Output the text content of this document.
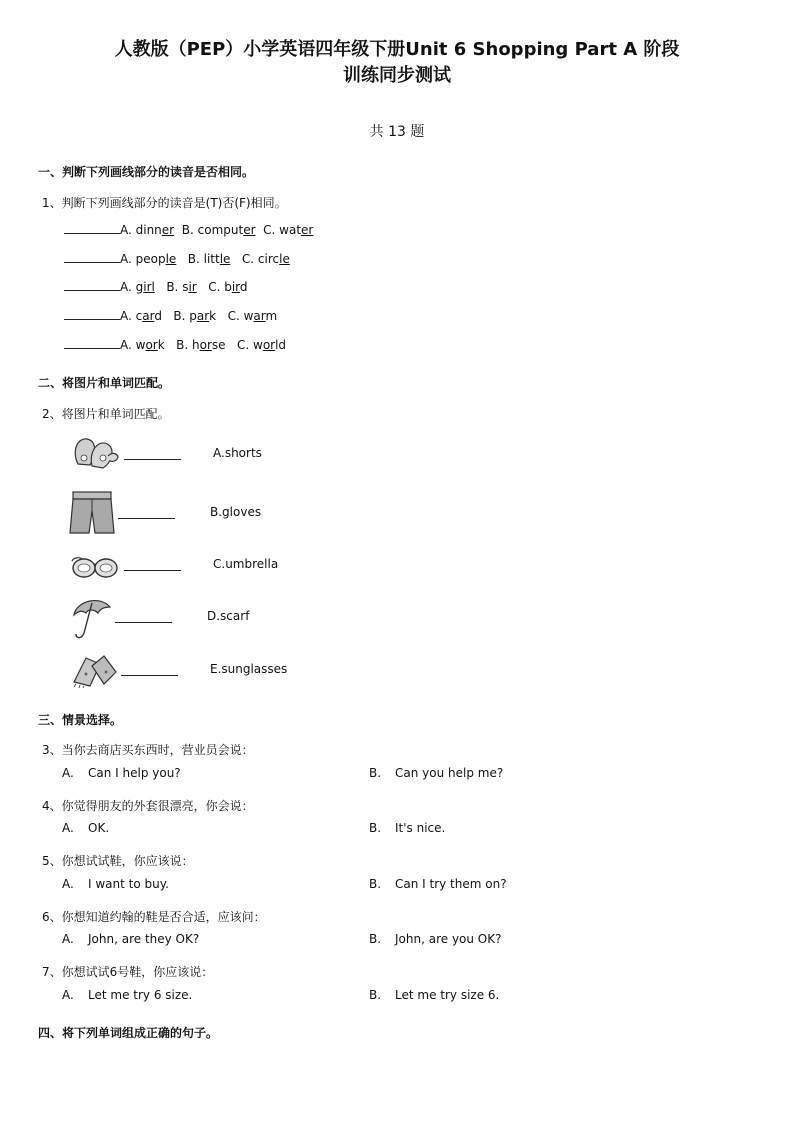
人教版（PEP）小学英语四年级下册Unit 6 Shopping Part A 阶段
训练同步测试
共 13 题
一、判断下列画线部分的读音是否相同。
1、判断下列画线部分的读音是(T)否(F)相同。
A. dinner B. computer C. water
A. people B. little C. circle
A. girl B. sir C. bird
A. card B. park C. warm
A. work B. horse C. world
二、将图片和单词匹配。
2、将图片和单词匹配。
A.shorts
B.gloves
C.umbrella
D.scarf
E.sunglasses
三、情景选择。
3、当你去商店买东西时，营业员会说：
A. Can I help you?	B. Can you help me?
4、你觉得朋友的外套很漂亮，你会说：
A. OK.	B. It's nice.
5、你想试试鞋，你应该说：
A. I want to buy.	B. Can I try them on?
6、你想知道约翰的鞋是否合适，应该问：
A. John, are they OK?	B. John, are you OK?
7、你想试试6号鞋，你应该说：
A. Let me try 6 size.	B. Let me try size 6.
四、将下列单词组成正确的句子。
